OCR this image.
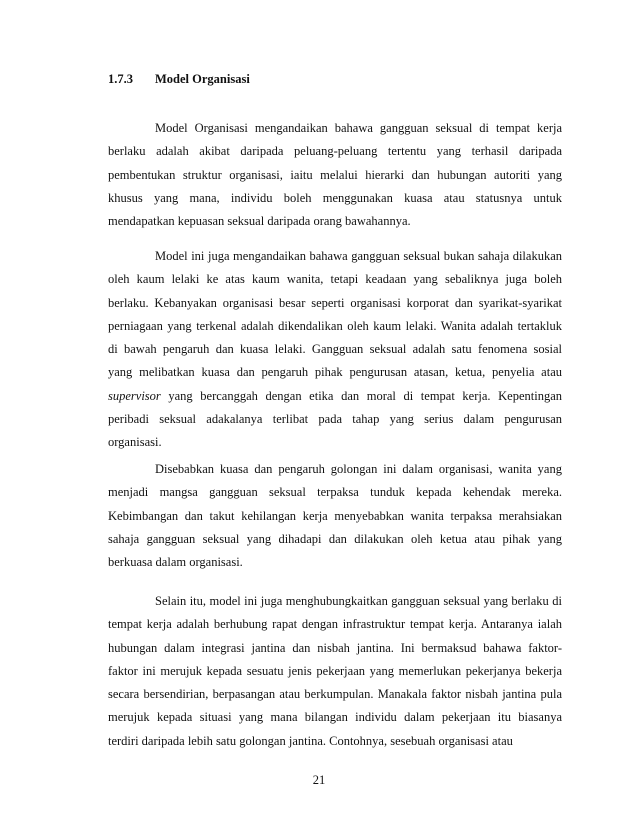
1.7.3 Model Organisasi
Model Organisasi mengandaikan bahawa gangguan seksual di tempat kerja
berlaku adalah akibat daripada peluang-peluang tertentu yang terhasil daripada
pembentukan struktur organisasi, iaitu melalui hierarki dan hubungan autoriti yang
khusus yang mana, individu boleh menggunakan kuasa atau statusnya untuk
mendapatkan kepuasan seksual daripada orang bawahannya.
Model ini juga mengandaikan bahawa gangguan seksual bukan sahaja dilakukan
oleh kaum lelaki ke atas kaum wanita, tetapi keadaan yang sebaliknya juga boleh
berlaku. Kebanyakan organisasi besar seperti organisasi korporat dan syarikat-syarikat
perniagaan yang terkenal adalah dikendalikan oleh kaum lelaki. Wanita adalah tertakluk
di bawah pengaruh dan kuasa lelaki. Gangguan seksual adalah satu fenomena sosial
yang melibatkan kuasa dan pengaruh pihak pengurusan atasan, ketua, penyelia atau
supervisor yang bercanggah dengan etika dan moral di tempat kerja. Kepentingan
peribadi seksual adakalanya terlibat pada tahap yang serius dalam pengurusan
organisasi.
Disebabkan kuasa dan pengaruh golongan ini dalam organisasi, wanita yang
menjadi mangsa gangguan seksual terpaksa tunduk kepada kehendak mereka.
Kebimbangan dan takut kehilangan kerja menyebabkan wanita terpaksa merahsiakan
sahaja gangguan seksual yang dihadapi dan dilakukan oleh ketua atau pihak yang
berkuasa dalam organisasi.
Selain itu, model ini juga menghubungkaitkan gangguan seksual yang berlaku di
tempat kerja adalah berhubung rapat dengan infrastruktur tempat kerja. Antaranya ialah
hubungan dalam integrasi jantina dan nisbah jantina. Ini bermaksud bahawa faktor-
faktor ini merujuk kepada sesuatu jenis pekerjaan yang memerlukan pekerjanya bekerja
secara bersendirian, berpasangan atau berkumpulan. Manakala faktor nisbah jantina pula
merujuk kepada situasi yang mana bilangan individu dalam pekerjaan itu biasanya
terdiri daripada lebih satu golongan jantina. Contohnya, sesebuah organisasi atau
21
